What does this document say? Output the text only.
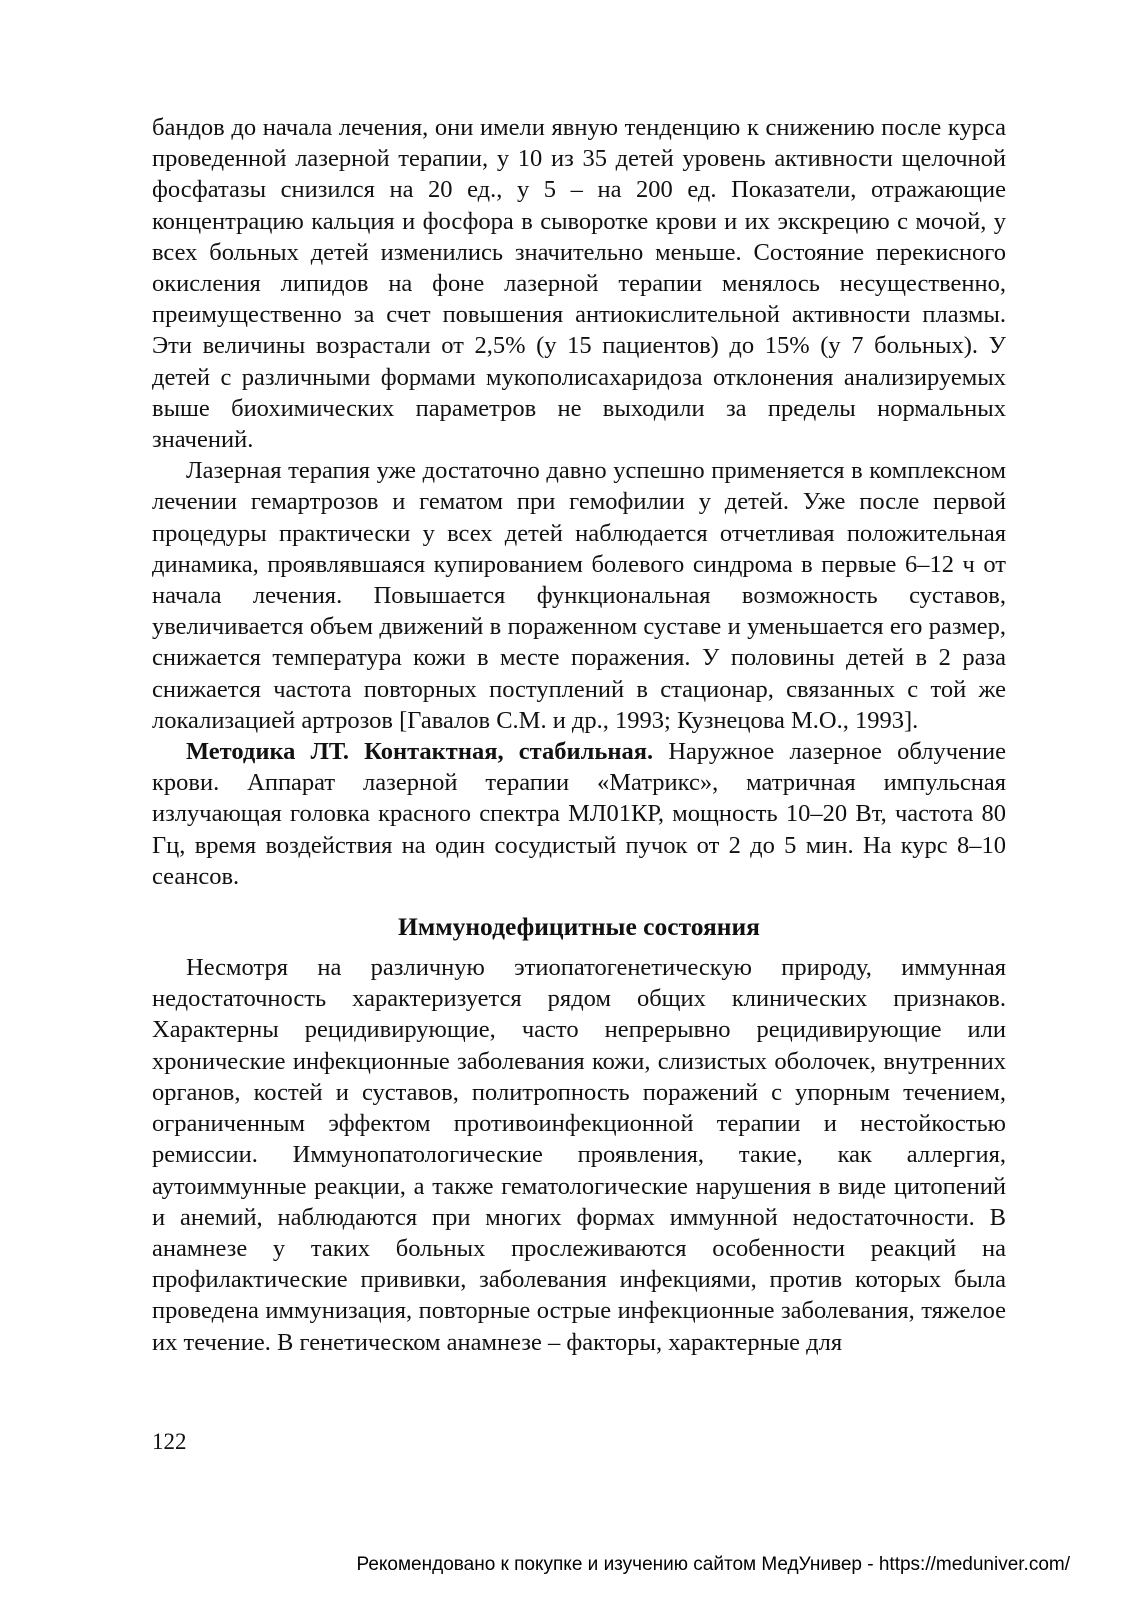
бандов до начала лечения, они имели явную тенденцию к снижению после курса проведенной лазерной терапии, у 10 из 35 детей уровень активности щелочной фосфатазы снизился на 20 ед., у 5 – на 200 ед. Показатели, отражающие концентрацию кальция и фосфора в сыворотке крови и их экскрецию с мочой, у всех больных детей изменились значительно меньше. Состояние перекисного окисления липидов на фоне лазерной терапии менялось несущественно, преимущественно за счет повышения антиокислительной активности плазмы. Эти величины возрастали от 2,5% (у 15 пациентов) до 15% (у 7 больных). У детей с различными формами мукополисахаридоза отклонения анализируемых выше биохимических параметров не выходили за пределы нормальных значений.

Лазерная терапия уже достаточно давно успешно применяется в комплексном лечении гемартрозов и гематом при гемофилии у детей. Уже после первой процедуры практически у всех детей наблюдается отчетливая положительная динамика, проявлявшаяся купированием болевого синдрома в первые 6–12 ч от начала лечения. Повышается функциональная возможность суставов, увеличивается объем движений в пораженном суставе и уменьшается его размер, снижается температура кожи в месте поражения. У половины детей в 2 раза снижается частота повторных поступлений в стационар, связанных с той же локализацией артрозов [Гавалов С.М. и др., 1993; Кузнецова М.О., 1993].

Методика ЛТ. Контактная, стабильная. Наружное лазерное облучение крови. Аппарат лазерной терапии «Матрикс», матричная импульсная излучающая головка красного спектра МЛ01КР, мощность 10–20 Вт, частота 80 Гц, время воздействия на один сосудистый пучок от 2 до 5 мин. На курс 8–10 сеансов.

Иммунодефицитные состояния

Несмотря на различную этиопатогенетическую природу, иммунная недостаточность характеризуется рядом общих клинических признаков. Характерны рецидивирующие, часто непрерывно рецидивирующие или хронические инфекционные заболевания кожи, слизистых оболочек, внутренних органов, костей и суставов, политропность поражений с упорным течением, ограниченным эффектом противоинфекционной терапии и нестойкостью ремиссии. Иммунопатологические проявления, такие, как аллергия, аутоиммунные реакции, а также гематологические нарушения в виде цитопений и анемий, наблюдаются при многих формах иммунной недостаточности. В анамнезе у таких больных прослеживаются особенности реакций на профилактические прививки, заболевания инфекциями, против которых была проведена иммунизация, повторные острые инфекционные заболевания, тяжелое их течение. В генетическом анамнезе – факторы, характерные для

122
Рекомендовано к покупке и изучению сайтом МедУнивер - https://meduniver.com/
